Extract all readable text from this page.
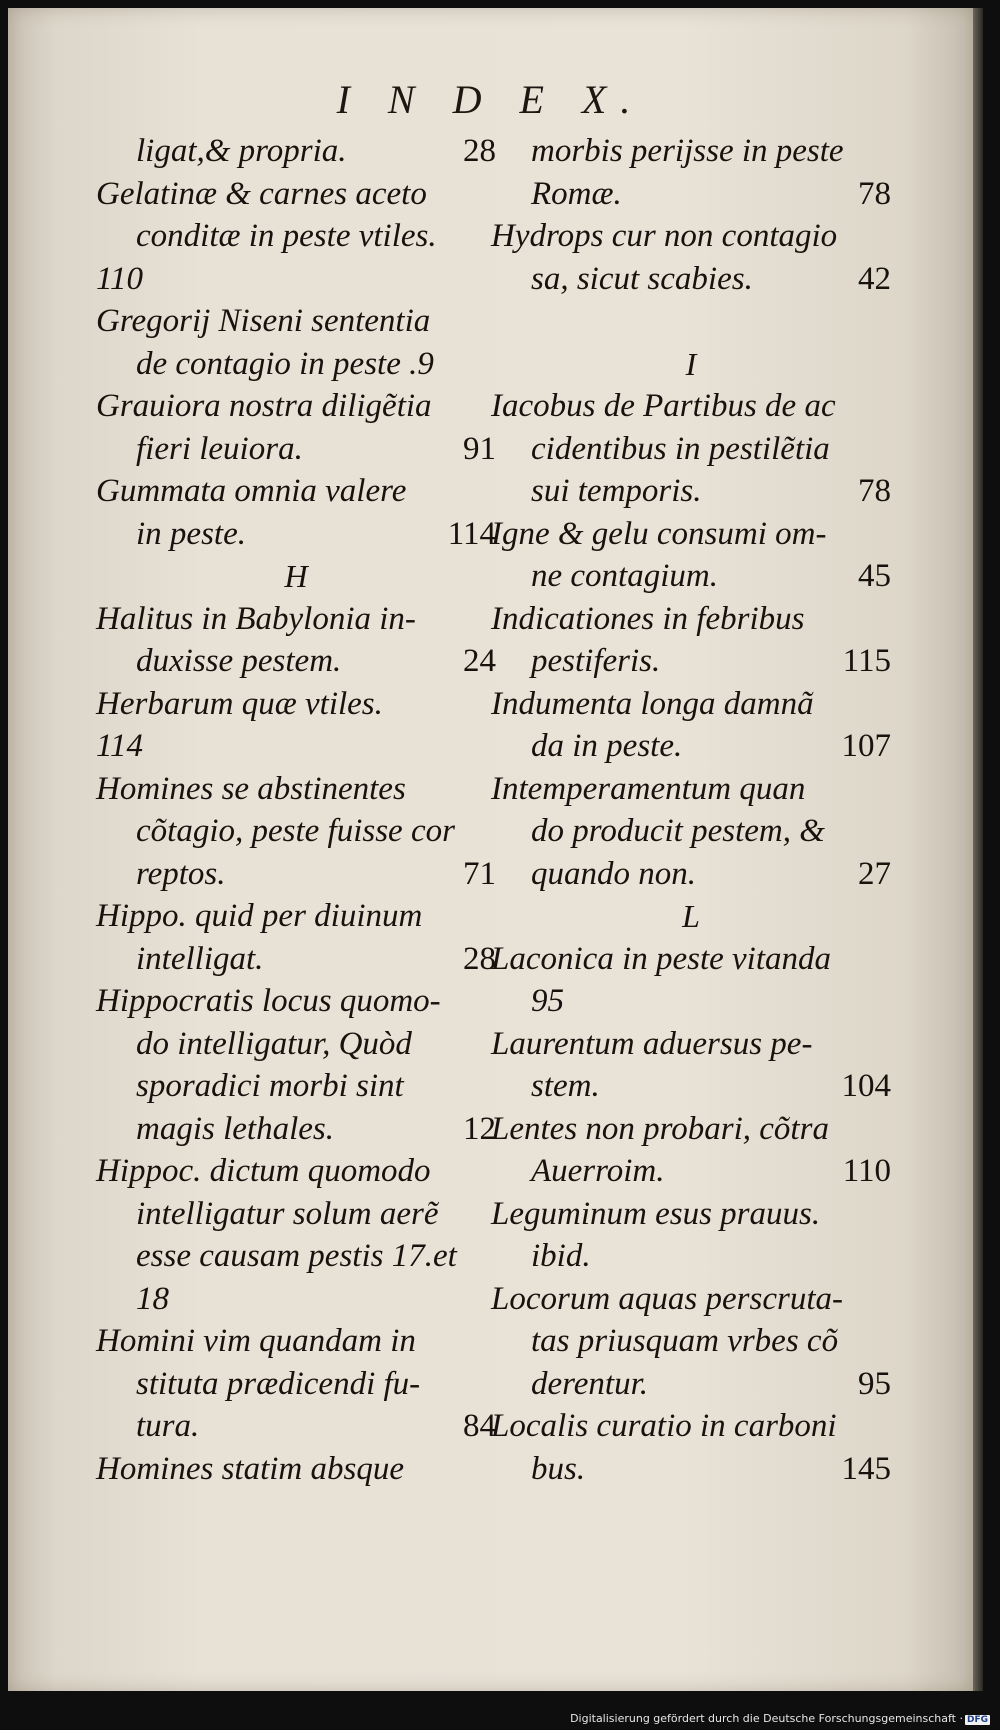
I N D E X.
ligat,& propria.	28
Gelatinæ & carnes aceto
conditæ in peste vtiles.
110
Gregorij Niseni sententia
de contagio in peste .9
Grauiora nostra diligẽtia
fieri leuiora.	91
Gummata omnia valere
in peste.	114
H
Halitus in Babylonia in-
duxisse pestem.	24
Herbarum quæ vtiles.
114
Homines se abstinentes
cõtagio, peste fuisse cor
reptos.	71
Hippo. quid per diuinum
intelligat.	28
Hippocratis locus quomo-
do intelligatur, Quòd
sporadici morbi sint
magis lethales.	12
Hippoc. dictum quomodo
intelligatur solum aerẽ
esse causam pestis 17.et
18
Homini vim quandam in
stituta prædicendi fu-
tura.	84
Homines statim absque
morbis perijsse in peste
Romæ.	78
Hydrops cur non contagio
sa, sicut scabies.	42
I
Iacobus de Partibus de ac
cidentibus in pestilẽtia
sui temporis.	78
Igne & gelu consumi om-
ne contagium.	45
Indicationes in febribus
pestiferis.	115
Indumenta longa damnã
da in peste.	107
Intemperamentum quan
do producit pestem, &
quando non.	27
L
Laconica in peste vitanda
95
Laurentum aduersus pe-
stem.	104
Lentes non probari, cõtra
Auerroim.	110
Leguminum esus prauus.
ibid.
Locorum aquas perscruta-
tas priusquam vrbes cõ
derentur.	95
Localis curatio in carboni
bus.	145
Digitalisierung gefördert durch die Deutsche Forschungsgemeinschaft · DFG
